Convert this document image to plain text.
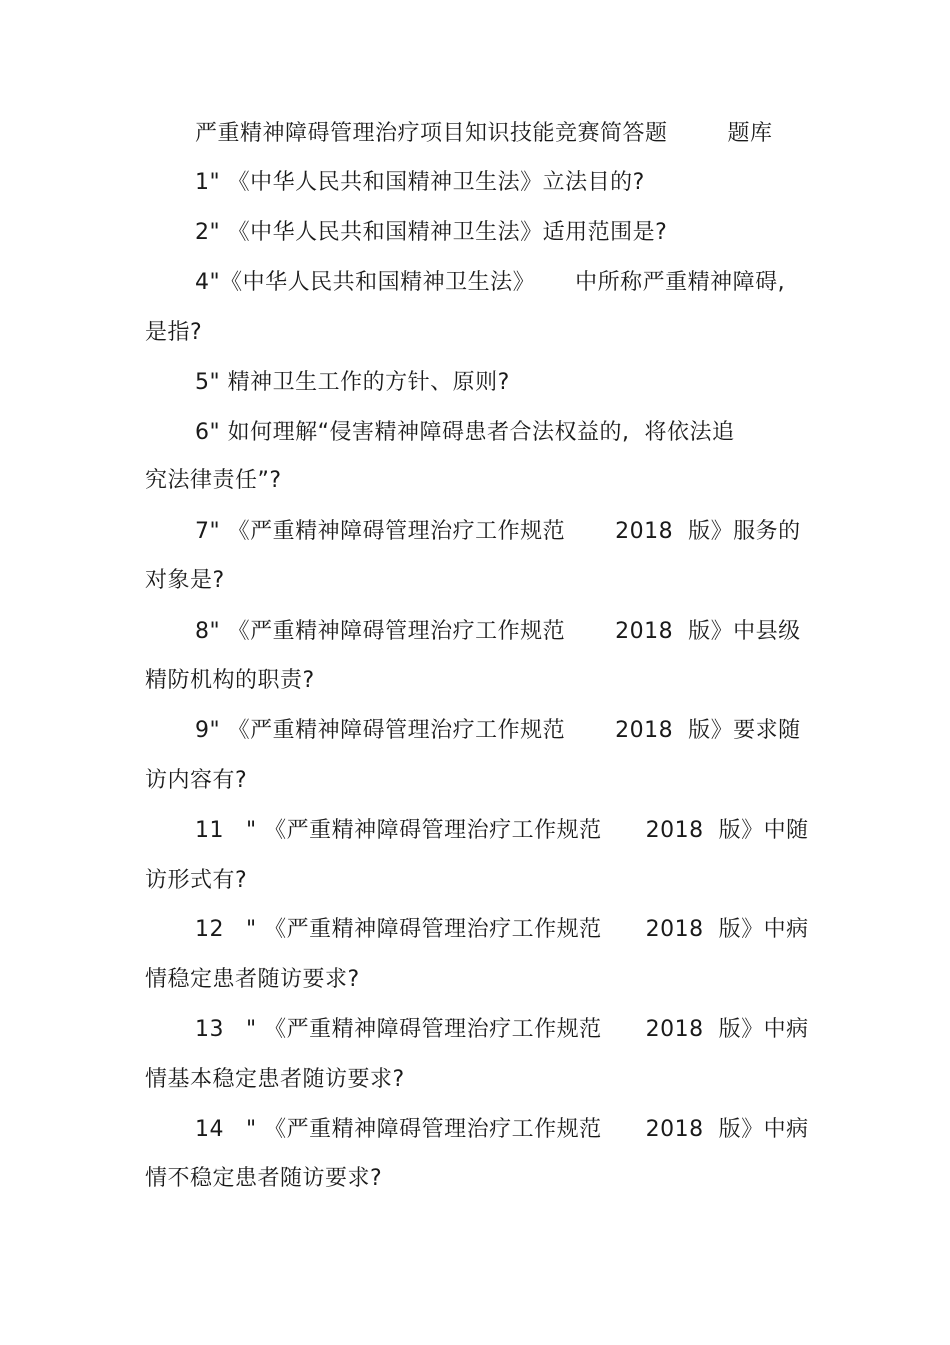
严重精神障碍管理治疗项目知识技能竞赛简答题	题库
1" 《中华人民共和国精神卫生法》立法目的?
2" 《中华人民共和国精神卫生法》适用范围是?
4"《中华人民共和国精神卫生法》 中所称严重精神障碍,
是指?
5" 精神卫生工作的方针、原则?
6" 如何理解“侵害精神障碍患者合法权益的,  将依法追
究法律责任”?
7" 《严重精神障碍管理治疗工作规范 2018  版》服务的
对象是?
8" 《严重精神障碍管理治疗工作规范 2018  版》中县级
精防机构的职责?
9" 《严重精神障碍管理治疗工作规范 2018  版》要求随
访内容有?
11 " 《严重精神障碍管理治疗工作规范 2018  版》中随
访形式有?
12 " 《严重精神障碍管理治疗工作规范 2018  版》中病
情稳定患者随访要求?
13 " 《严重精神障碍管理治疗工作规范 2018  版》中病
情基本稳定患者随访要求?
14 " 《严重精神障碍管理治疗工作规范 2018  版》中病
情不稳定患者随访要求?
